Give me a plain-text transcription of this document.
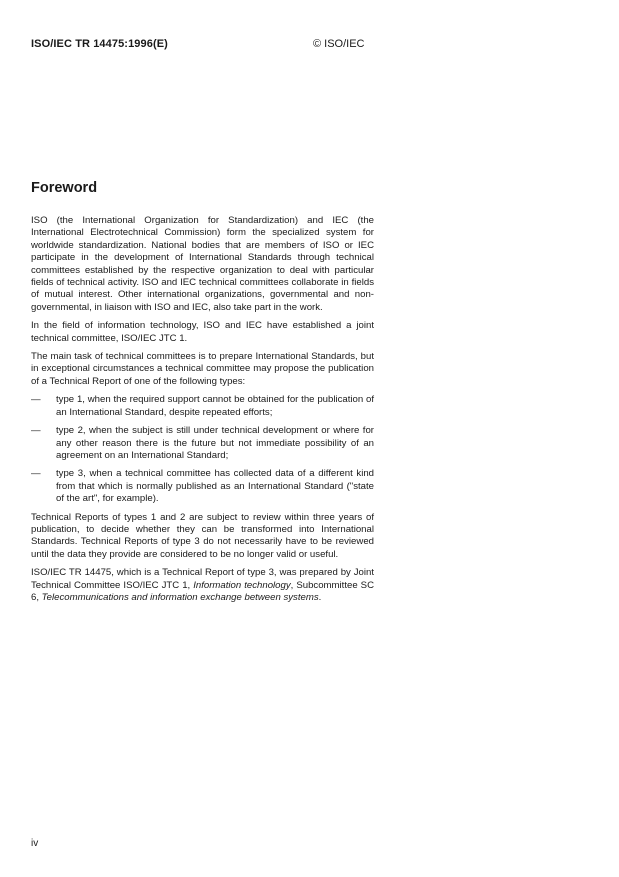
ISO/IEC TR 14475:1996(E)	© ISO/IEC
Foreword

ISO (the International Organization for Standardization) and IEC (the International Electrotechnical Commission) form the specialized system for worldwide standardization. National bodies that are members of ISO or IEC participate in the development of International Standards through technical committees established by the respective organization to deal with particular fields of technical activity. ISO and IEC technical committees collaborate in fields of mutual interest. Other international organizations, governmental and non-governmental, in liaison with ISO and IEC, also take part in the work.

In the field of information technology, ISO and IEC have established a joint technical committee, ISO/IEC JTC 1.

The main task of technical committees is to prepare International Standards, but in exceptional circumstances a technical committee may propose the publication of a Technical Report of one of the following types:

—	type 1, when the required support cannot be obtained for the publication of an International Standard, despite repeated efforts;
—	type 2, when the subject is still under technical development or where for any other reason there is the future but not immediate possibility of an agreement on an International Standard;
—	type 3, when a technical committee has collected data of a different kind from that which is normally published as an International Standard ("state of the art", for example).

Technical Reports of types 1 and 2 are subject to review within three years of publication, to decide whether they can be transformed into International Standards. Technical Reports of type 3 do not necessarily have to be reviewed until the data they provide are considered to be no longer valid or useful.

ISO/IEC TR 14475, which is a Technical Report of type 3, was prepared by Joint Technical Committee ISO/IEC JTC 1, Information technology, Subcommittee SC 6, Telecommunications and information exchange between systems.

iv
